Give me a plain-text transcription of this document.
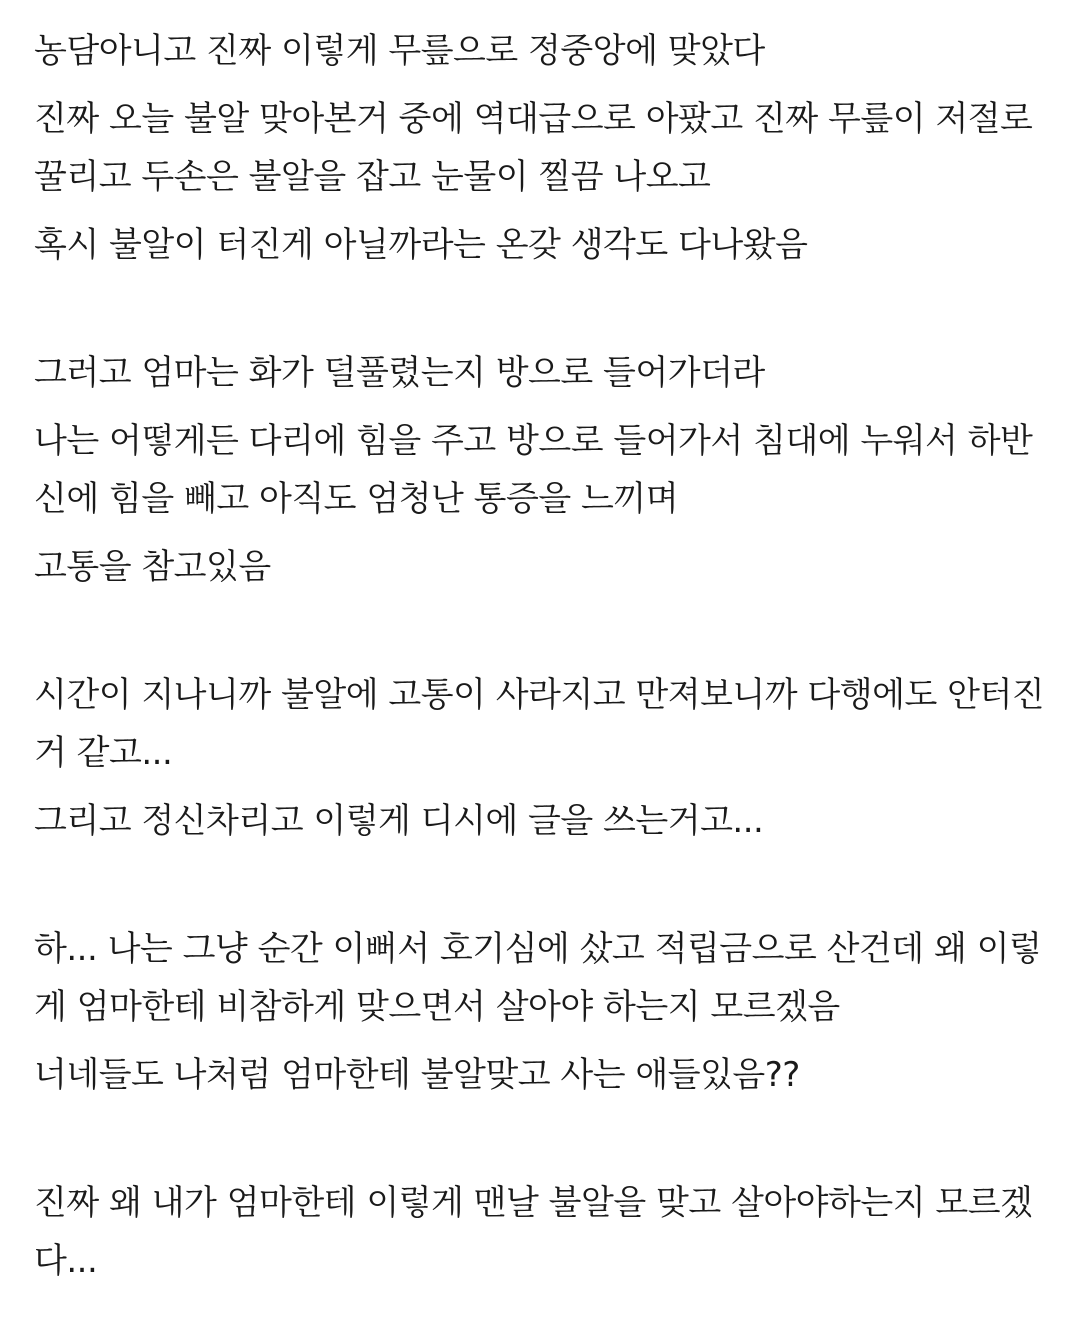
농담아니고 진짜 이렇게 무릎으로 정중앙에 맞았다

진짜 오늘 불알 맞아본거 중에 역대급으로 아팠고 진짜 무릎이 저절로

꿀리고 두손은 불알을 잡고 눈물이 찔끔 나오고

혹시 불알이 터진게 아닐까라는 온갖 생각도 다나왔음

그러고 엄마는 화가 덜풀렸는지 방으로 들어가더라

나는 어떻게든 다리에 힘을 주고 방으로 들어가서 침대에 누워서 하반

신에 힘을 빼고 아직도 엄청난 통증을 느끼며

고통을 참고있음

시간이 지나니까 불알에 고통이 사라지고 만져보니까 다행에도 안터진

거 같고...

그리고 정신차리고 이렇게 디시에 글을 쓰는거고...

하... 나는 그냥 순간 이뻐서 호기심에 샀고 적립금으로 산건데 왜 이렇

게 엄마한테 비참하게 맞으면서 살아야 하는지 모르겠음

너네들도 나처럼 엄마한테 불알맞고 사는 애들있음??

진짜 왜 내가 엄마한테 이렇게 맨날 불알을 맞고 살아야하는지 모르겠

다...
